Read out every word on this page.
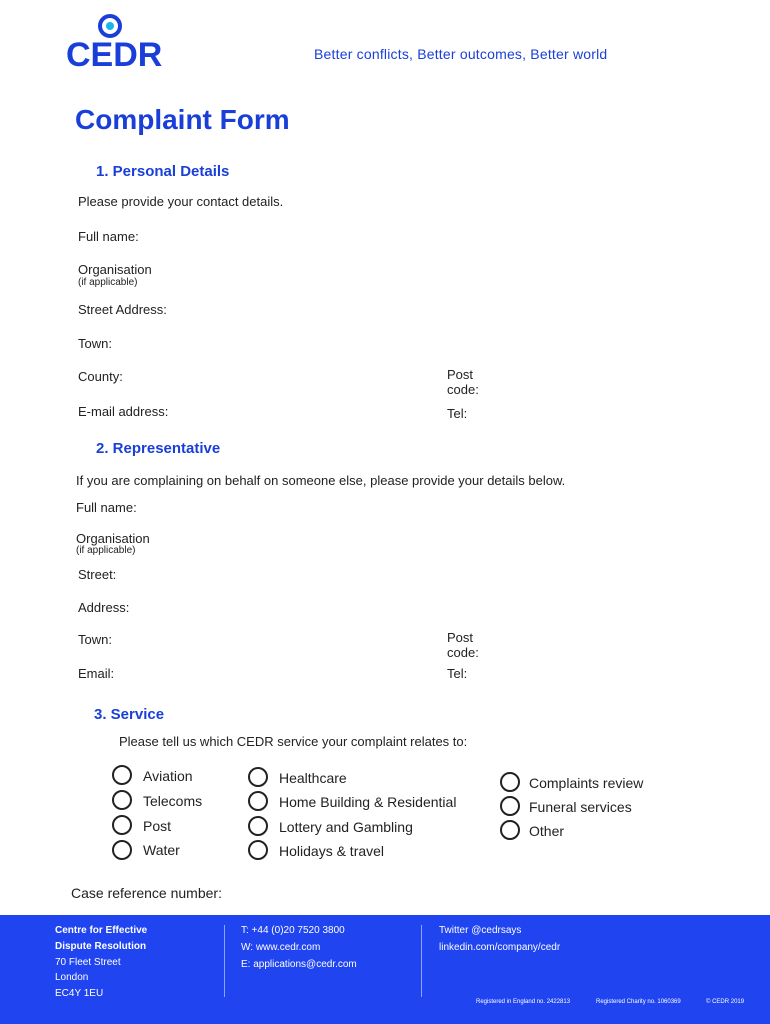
CEDR	Better conflicts, Better outcomes, Better world
Complaint Form
1. Personal Details
Please provide your contact details.
Full name:
Organisation
(if applicable)
Street Address:
Town:
County:	Post
code:
E-mail address:	Tel:
2. Representative
If you are complaining on behalf on someone else, please provide your details below.
Full name:
Organisation
(if applicable)
Street:
Address:
Town:	Post
code:
Email:	Tel:
3. Service
Please tell us which CEDR service your complaint relates to:
Aviation
Telecoms
Post
Water
Healthcare
Home Building & Residential
Lottery and Gambling
Holidays & travel
Complaints review
Funeral services
Other
Case reference number:
Centre for Effective
Dispute Resolution
70 Fleet Street
London
EC4Y 1EU
T: +44 (0)20 7520 3800
W: www.cedr.com
E: applications@cedr.com
Twitter @cedrsays
linkedin.com/company/cedr
Registered in England no. 2422813	Registered Charity no. 1060369	© CEDR 2019
